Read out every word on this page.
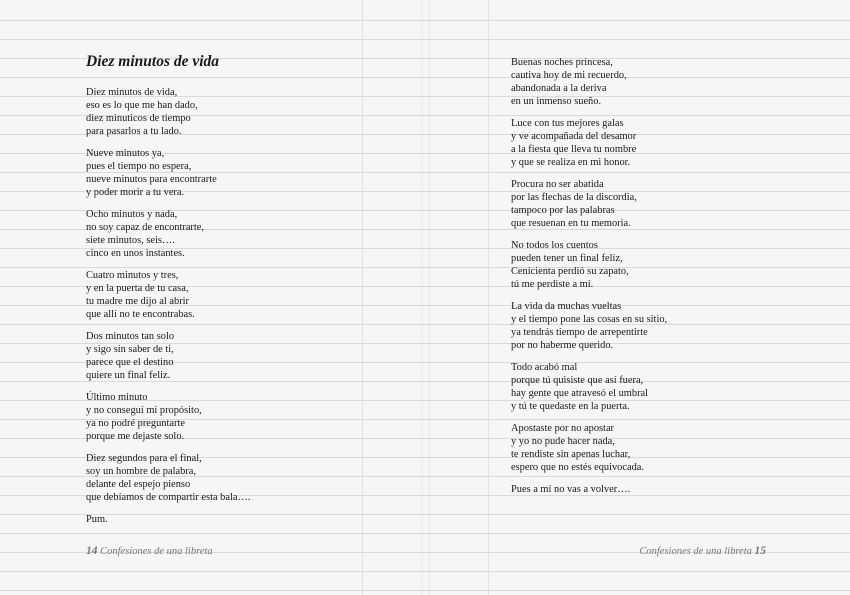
Diez minutos de vida
Diez minutos de vida,
eso es lo que me han dado,
diez minuticos de tiempo
para pasarlos a tu lado.
Nueve minutos ya,
pues el tiempo no espera,
nueve minutos para encontrarte
y poder morir a tu vera.
Ocho minutos y nada,
no soy capaz de encontrarte,
siete minutos, seis….
cinco en unos instantes.
Cuatro minutos y tres,
y en la puerta de tu casa,
tu madre me dijo al abrir
que allí no te encontrabas.
Dos minutos tan solo
y sigo sin saber de ti,
parece que el destino
quiere un final feliz.
Último minuto
y no conseguí mi propósito,
ya no podré preguntarte
porque me dejaste solo.
Diez segundos para el final,
soy un hombre de palabra,
delante del espejo pienso
que debíamos de compartir esta bala….
Pum.
Buenas noches princesa,
cautiva hoy de mi recuerdo,
abandonada a la deriva
en un inmenso sueño.
Luce con tus mejores galas
y ve acompañada del desamor
a la fiesta que lleva tu nombre
y que se realiza en mi honor.
Procura no ser abatida
por las flechas de la discordia,
tampoco por las palabras
que resuenan en tu memoria.
No todos los cuentos
pueden tener un final feliz,
Cenicienta perdió su zapato,
tú me perdiste a mí.
La vida da muchas vueltas
y el tiempo pone las cosas en su sitio,
ya tendrás tiempo de arrepentirte
por no haberme querido.
Todo acabó mal
porque tú quisiste que así fuera,
hay gente que atravesó el umbral
y tú te quedaste en la puerta.
Apostaste por no apostar
y yo no pude hacer nada,
te rendiste sin apenas luchar,
espero que no estés equivocada.
Pues a mí no vas a volver….
14 Confesiones de una libreta	Confesiones de una libreta 15
